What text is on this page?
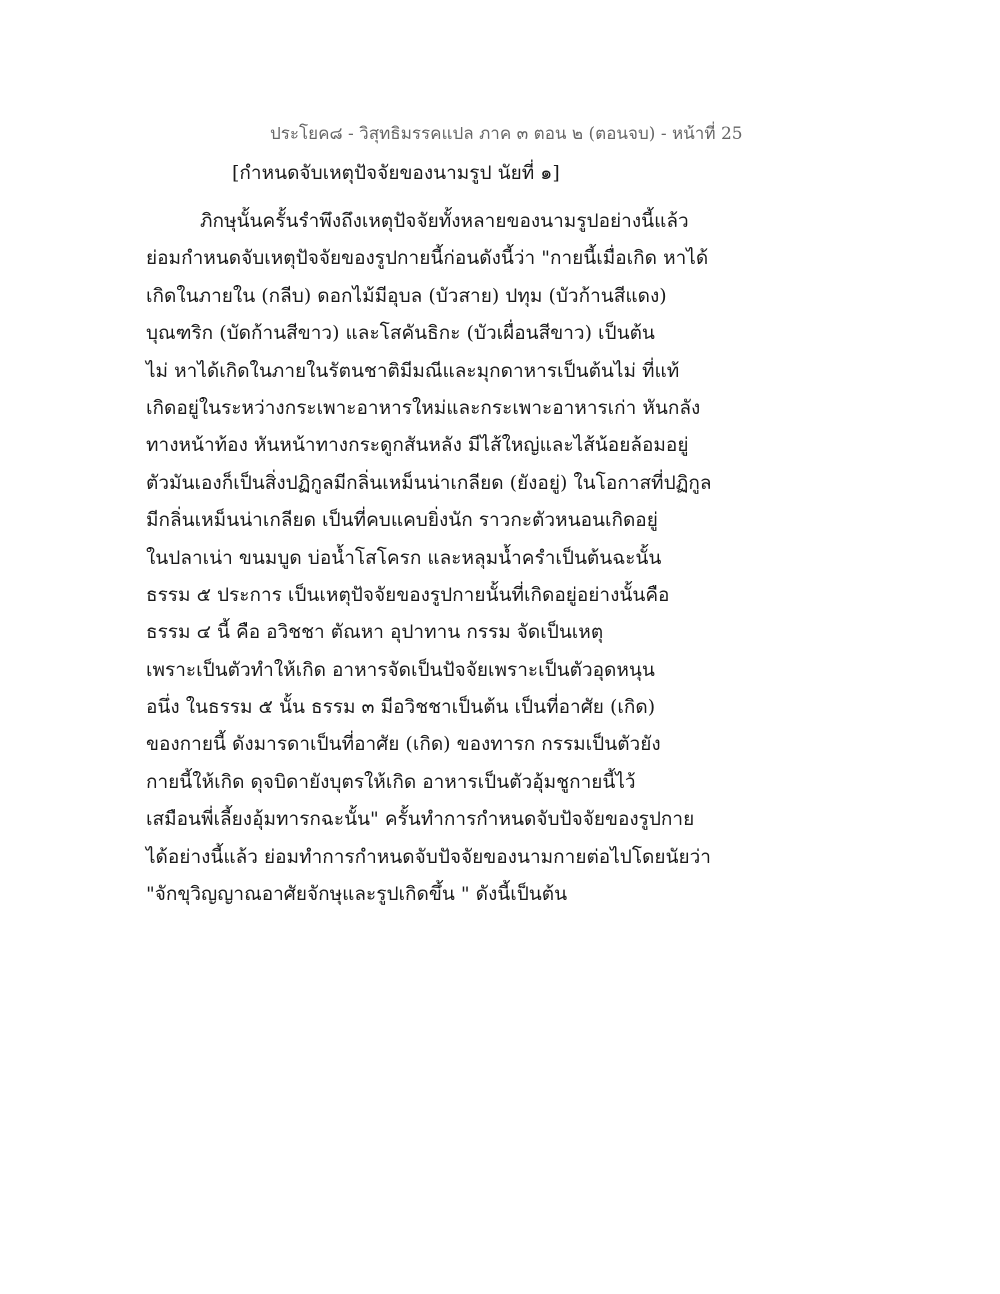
ประโยค๘ - วิสุทธิมรรคแปล ภาค ๓ ตอน ๒ (ตอนจบ) - หน้าที่ 25
[กำหนดจับเหตุปัจจัยของนามรูป นัยที่ ๑]
ภิกษุนั้นครั้นรำพึงถึงเหตุปัจจัยทั้งหลายของนามรูปอย่างนี้แล้ว
ย่อมกำหนดจับเหตุปัจจัยของรูปกายนี้ก่อนดังนี้ว่า "กายนี้เมื่อเกิด หาได้
เกิดในภายใน (กลีบ) ดอกไม้มีอุบล (บัวสาย) ปทุม (บัวก้านสีแดง)
บุณฑริก (บัดก้านสีขาว) และโสคันธิกะ (บัวเผื่อนสีขาว) เป็นต้น
ไม่ หาได้เกิดในภายในรัตนชาติมีมณีและมุกดาหารเป็นต้นไม่ ที่แท้
เกิดอยู่ในระหว่างกระเพาะอาหารใหม่และกระเพาะอาหารเก่า หันกลัง
ทางหน้าท้อง หันหน้าทางกระดูกสันหลัง มีไส้ใหญ่และไส้น้อยล้อมอยู่
ตัวมันเองก็เป็นสิ่งปฏิกูลมีกลิ่นเหม็นน่าเกลียด (ยังอยู่) ในโอกาสที่ปฏิกูล
มีกลิ่นเหม็นน่าเกลียด เป็นที่คบแคบยิ่งนัก ราวกะตัวหนอนเกิดอยู่
ในปลาเน่า ขนมบูด บ่อน้ำโสโครก และหลุมน้ำครำเป็นต้นฉะนั้น
ธรรม ๕ ประการ เป็นเหตุปัจจัยของรูปกายนั้นที่เกิดอยู่อย่างนั้นคือ
ธรรม ๔ นี้ คือ อวิชชา ตัณหา อุปาทาน กรรม จัดเป็นเหตุ
เพราะเป็นตัวทำให้เกิด อาหารจัดเป็นปัจจัยเพราะเป็นตัวอุดหนุน
อนึ่ง ในธรรม ๕ นั้น ธรรม ๓ มีอวิชชาเป็นต้น เป็นที่อาศัย (เกิด)
ของกายนี้ ดังมารดาเป็นที่อาศัย (เกิด) ของทารก กรรมเป็นตัวยัง
กายนี้ให้เกิด ดุจบิดายังบุตรให้เกิด อาหารเป็นตัวอุ้มชูกายนี้ไว้
เสมือนพี่เลี้ยงอุ้มทารกฉะนั้น" ครั้นทำการกำหนดจับปัจจัยของรูปกาย
ได้อย่างนี้แล้ว ย่อมทำการกำหนดจับปัจจัยของนามกายต่อไปโดยนัยว่า
"จักขุวิญญาณอาศัยจักษุและรูปเกิดขึ้น " ดังนี้เป็นต้น
